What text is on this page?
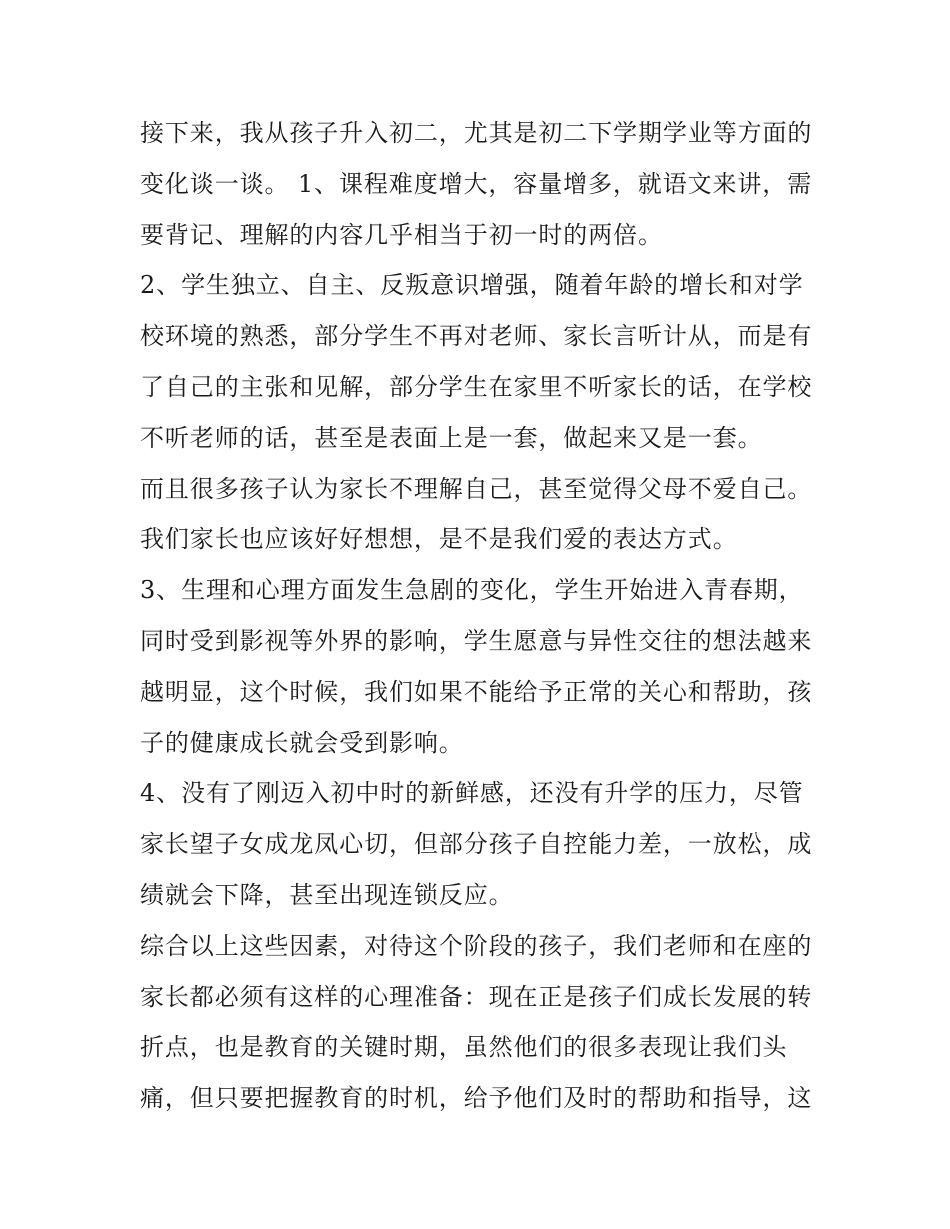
接下来，我从孩子升入初二，尤其是初二下学期学业等方面的
变化谈一谈。 1、课程难度增大，容量增多，就语文来讲，需
要背记、理解的内容几乎相当于初一时的两倍。
2、学生独立、自主、反叛意识增强，随着年龄的增长和对学
校环境的熟悉，部分学生不再对老师、家长言听计从，而是有
了自己的主张和见解，部分学生在家里不听家长的话，在学校
不听老师的话，甚至是表面上是一套，做起来又是一套。
而且很多孩子认为家长不理解自己，甚至觉得父母不爱自己。
我们家长也应该好好想想，是不是我们爱的表达方式。
3、生理和心理方面发生急剧的变化，学生开始进入青春期，
同时受到影视等外界的影响，学生愿意与异性交往的想法越来
越明显，这个时候，我们如果不能给予正常的关心和帮助，孩
子的健康成长就会受到影响。
4、没有了刚迈入初中时的新鲜感，还没有升学的压力，尽管
家长望子女成龙凤心切，但部分孩子自控能力差，一放松，成
绩就会下降，甚至出现连锁反应。
综合以上这些因素，对待这个阶段的孩子，我们老师和在座的
家长都必须有这样的心理准备：现在正是孩子们成长发展的转
折点，也是教育的关键时期，虽然他们的很多表现让我们头
痛，但只要把握教育的时机，给予他们及时的帮助和指导，这
